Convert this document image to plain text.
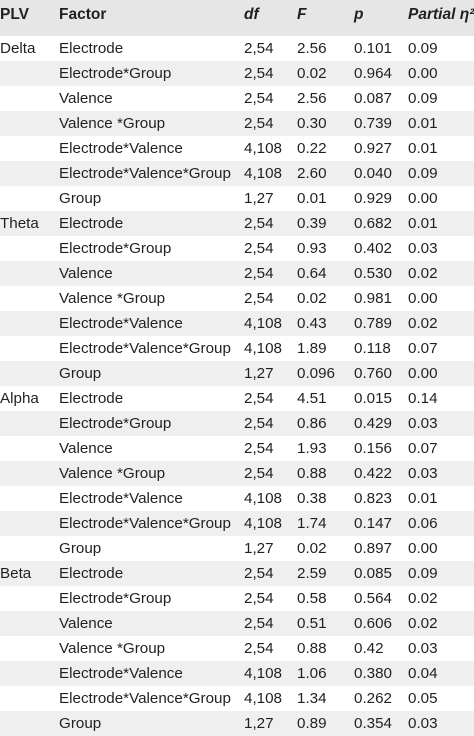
PLV Factor	df F	p	Partial η²
Delta Electrode	2,54 2.56 0.101 0.09
Electrode*Group	2,54 0.02 0.964 0.00
Valence	2,54 2.56 0.087 0.09
Valence *Group	2,54 0.30 0.739 0.01
Electrode*Valence	4,108 0.22 0.927 0.01
Electrode*Valence*Group 4,108 2.60 0.040 0.09
Group	1,27 0.01 0.929 0.00
Theta Electrode	2,54 0.39 0.682 0.01
Electrode*Group	2,54 0.93 0.402 0.03
Valence	2,54 0.64 0.530 0.02
Valence *Group	2,54 0.02 0.981 0.00
Electrode*Valence	4,108 0.43 0.789 0.02
Electrode*Valence*Group 4,108 1.89 0.118 0.07
Group	1,27 0.096 0.760 0.00
Alpha Electrode	2,54 4.51 0.015 0.14
Electrode*Group	2,54 0.86 0.429 0.03
Valence	2,54 1.93 0.156 0.07
Valence *Group	2,54 0.88 0.422 0.03
Electrode*Valence	4,108 0.38 0.823 0.01
Electrode*Valence*Group 4,108 1.74 0.147 0.06
Group	1,27 0.02 0.897 0.00
Beta Electrode	2,54 2.59 0.085 0.09
Electrode*Group	2,54 0.58 0.564 0.02
Valence	2,54 0.51 0.606 0.02
Valence *Group	2,54 0.88 0.42 0.03
Electrode*Valence	4,108 1.06 0.380 0.04
Electrode*Valence*Group 4,108 1.34 0.262 0.05
Group	1,27 0.89 0.354 0.03
